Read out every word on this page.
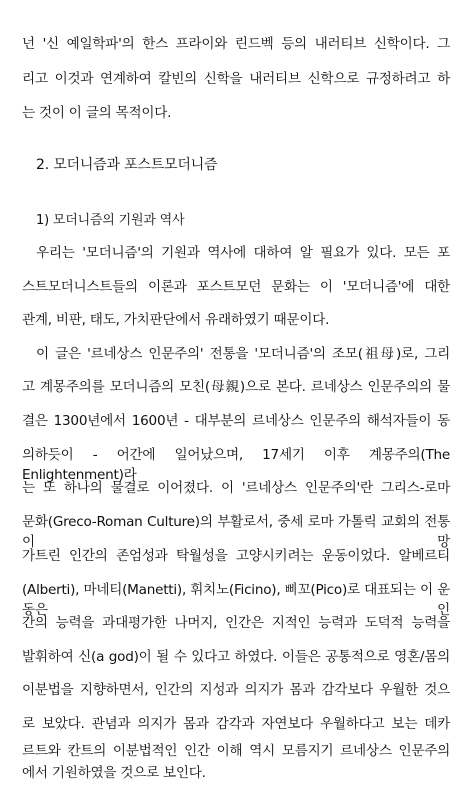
넌 '신 예일학파'의 한스 프라이와 린드벡 등의 내러티브 신학이다. 그
리고 이것과 연계하여 칼빈의 신학을 내러티브 신학으로 규정하려고 하
는 것이 이 글의 목적이다.
2. 모더니즘과 포스트모더니즘
1) 모더니즘의 기원과 역사
우리는 '모더니즘'의 기원과 역사에 대하여 알 필요가 있다. 모든 포
스트모더니스트들의 이론과 포스트모던 문화는 이 '모더니즘'에 대한
관계, 비판, 태도, 가치판단에서 유래하였기 때문이다.
이 글은 '르네상스 인문주의' 전통을 '모더니즘'의 조모(祖母)로, 그리
고 계몽주의를 모더니즘의 모친(母親)으로 본다. 르네상스 인문주의의 물
결은 1300년에서 1600년 - 대부분의 르네상스 인문주의 해석자들이 동
의하듯이 - 어간에 일어났으며, 17세기 이후 계몽주의(The Enlightenment)라
는 또 하나의 물결로 이어졌다. 이 '르네상스 인문주의'란 그리스-로마
문화(Greco-Roman Culture)의 부활로서, 중세 로마 가톨릭 교회의 전통이 망
가트린 인간의 존엄성과 탁월성을 고양시키려는 운동이었다. 알베르티
(Alberti), 마네티(Manetti), 휘치노(Ficino), 삐꼬(Pico)로 대표되는 이 운동은 인
간의 능력을 과대평가한 나머지, 인간은 지적인 능력과 도덕적 능력을
발휘하여 신(a god)이 될 수 있다고 하였다. 이들은 공통적으로 영혼/몸의
이분법을 지향하면서, 인간의 지성과 의지가 몸과 감각보다 우월한 것으
로 보았다. 관념과 의지가 몸과 감각과 자연보다 우월하다고 보는 데카
르트와 칸트의 이분법적인 인간 이해 역시 모름지기 르네상스 인문주의
에서 기원하였을 것으로 보인다.
